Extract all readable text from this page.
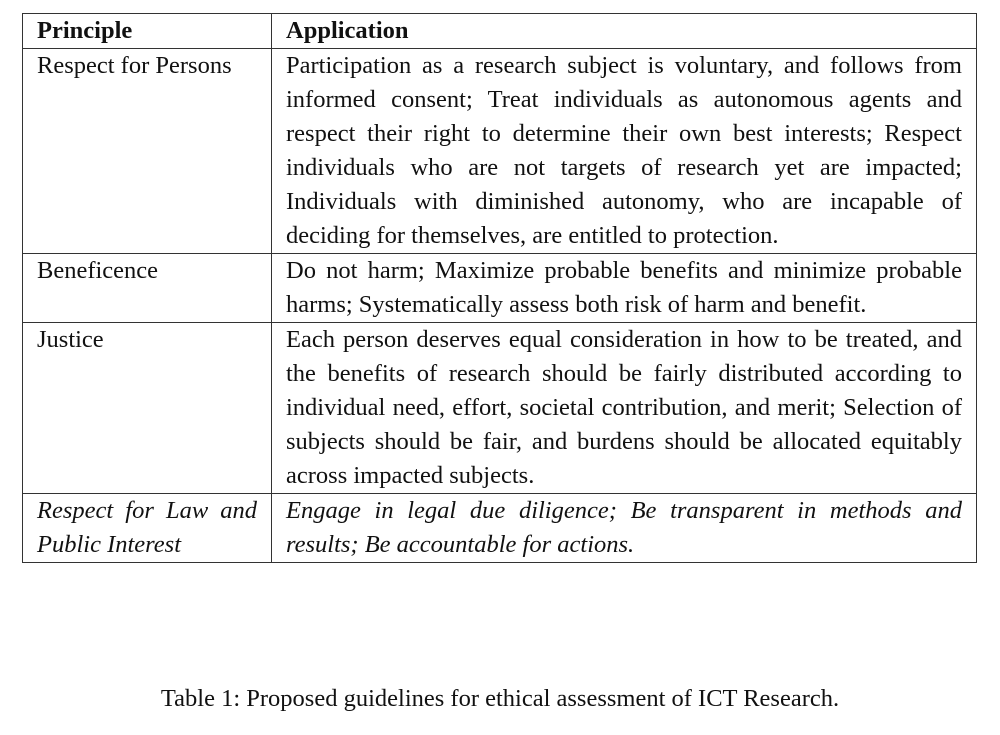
Principle	Application
Respect for Persons	Participation as a research subject is voluntary, and follows from informed consent; Treat individuals as autonomous agents and respect their right to determine their own best interests; Respect individuals who are not targets of research yet are impacted; Individuals with diminished autonomy, who are incapable of deciding for themselves, are entitled to protection.
Beneficence	Do not harm; Maximize probable benefits and minimize probable harms; Systematically assess both risk of harm and benefit.
Justice	Each person deserves equal consideration in how to be treated, and the benefits of research should be fairly distributed according to individual need, effort, societal contribution, and merit; Selection of subjects should be fair, and burdens should be allocated equitably across impacted subjects.
Respect for Law and Public Interest	Engage in legal due diligence; Be transparent in methods and results; Be accountable for actions.
Table 1: Proposed guidelines for ethical assessment of ICT Research.
